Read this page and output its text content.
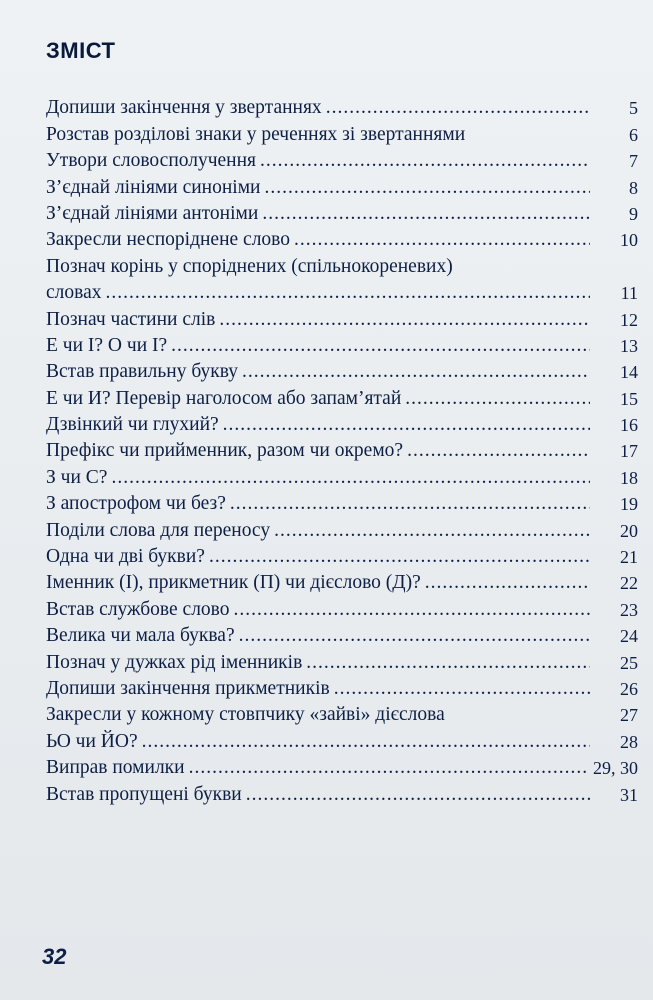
ЗМІСТ
Допиши закінчення у звертаннях .....	5
Розстав розділові знаки у реченнях зі звертаннями	6
Утвори словосполучення .....	7
З’єднай лініями синоніми .....	8
З’єднай лініями антоніми .....	9
Закресли неспоріднене слово .....	10
Познач корінь у споріднених (спільнокореневих)
словах .....	11
Познач частини слів .....	12
Е чи І? О чи І? .....	13
Встав правильну букву .....	14
Е чи И? Перевір наголосом або запам’ятай .....	15
Дзвінкий чи глухий? .....	16
Префікс чи прийменник, разом чи окремо? .....	17
З чи С? .....	18
З апострофом чи без? .....	19
Поділи слова для переносу .....	20
Одна чи дві букви? .....	21
Іменник (І), прикметник (П) чи дієслово (Д)? .....	22
Встав службове слово .....	23
Велика чи мала буква? .....	24
Познач у дужках рід іменників .....	25
Допиши закінчення прикметників .....	26
Закресли у кожному стовпчику «зайві» дієслова	27
ЬО чи ЙО? .....	28
Виправ помилки .....	29, 30
Встав пропущені букви .....	31
32
